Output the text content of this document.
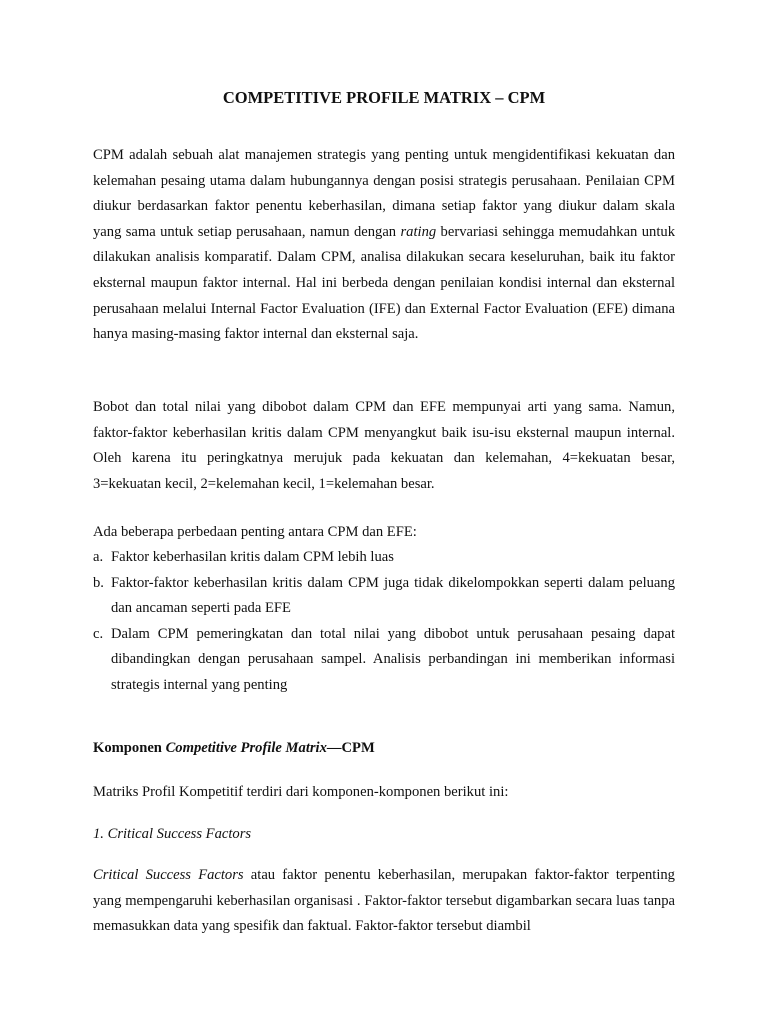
COMPETITIVE PROFILE MATRIX – CPM

CPM adalah sebuah alat manajemen strategis yang penting untuk mengidentifikasi kekuatan dan kelemahan pesaing utama dalam hubungannya dengan posisi strategis perusahaan. Penilaian CPM diukur berdasarkan faktor penentu keberhasilan, dimana setiap faktor yang diukur dalam skala yang sama untuk setiap perusahaan, namun dengan rating bervariasi sehingga memudahkan untuk dilakukan analisis komparatif. Dalam CPM, analisa dilakukan secara keseluruhan, baik itu faktor eksternal maupun faktor internal. Hal ini berbeda dengan penilaian kondisi internal dan eksternal perusahaan melalui Internal Factor Evaluation (IFE) dan External Factor Evaluation (EFE) dimana hanya masing-masing faktor internal dan eksternal saja.

Bobot dan total nilai yang dibobot dalam CPM dan EFE mempunyai arti yang sama. Namun, faktor-faktor keberhasilan kritis dalam CPM menyangkut baik isu-isu eksternal maupun internal. Oleh karena itu peringkatnya merujuk pada kekuatan dan kelemahan, 4=kekuatan besar, 3=kekuatan kecil, 2=kelemahan kecil, 1=kelemahan besar.

Ada beberapa perbedaan penting antara CPM dan EFE:

a. Faktor keberhasilan kritis dalam CPM lebih luas
b. Faktor-faktor keberhasilan kritis dalam CPM juga tidak dikelompokkan seperti dalam peluang dan ancaman seperti pada EFE
c. Dalam CPM pemeringkatan dan total nilai yang dibobot untuk perusahaan pesaing dapat dibandingkan dengan perusahaan sampel. Analisis perbandingan ini memberikan informasi strategis internal yang penting
Komponen Competitive Profile Matrix—CPM

Matriks Profil Kompetitif terdiri dari komponen-komponen berikut ini:

1. Critical Success Factors

Critical Success Factors atau faktor penentu keberhasilan, merupakan faktor-faktor terpenting yang mempengaruhi keberhasilan organisasi . Faktor-faktor tersebut digambarkan secara luas tanpa memasukkan data yang spesifik dan faktual. Faktor-faktor tersebut diambil
